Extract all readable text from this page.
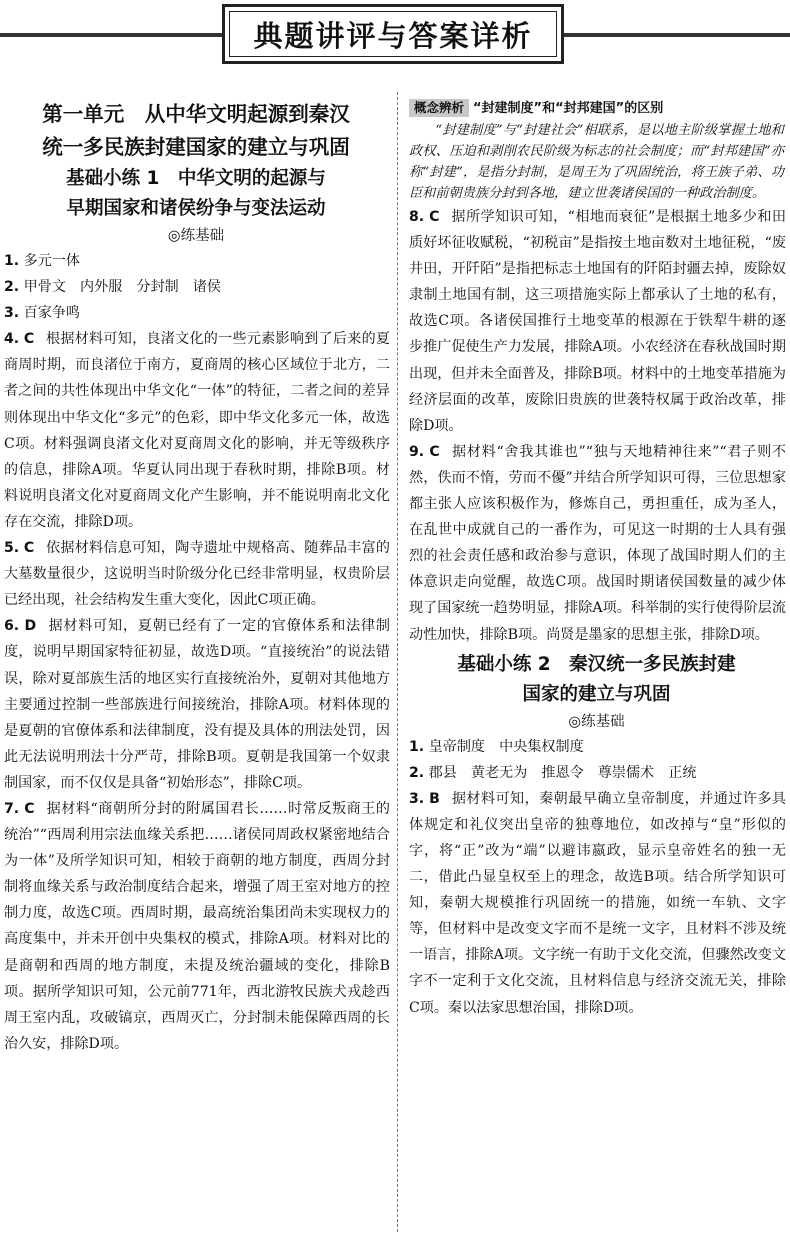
典题讲评与答案详析

第一单元　从中华文明起源到秦汉

统一多民族封建国家的建立与巩固

基础小练 1　中华文明的起源与

早期国家和诸侯纷争与变法运动

◎练基础

1. 多元一体

2. 甲骨文　内外服　分封制　诸侯

3. 百家争鸣

4. C  根据材料可知，良渚文化的一些元素影响到了后来的夏商周时期，而良渚位于南方，夏商周的核心区域位于北方，二者之间的共性体现出中华文化“一体”的特征，二者之间的差异则体现出中华文化“多元”的色彩，即中华文化多元一体，故选C项。材料强调良渚文化对夏商周文化的影响，并无等级秩序的信息，排除A项。华夏认同出现于春秋时期，排除B项。材料说明良渚文化对夏商周文化产生影响，并不能说明南北文化存在交流，排除D项。

5. C  依据材料信息可知，陶寺遗址中规格高、随葬品丰富的大墓数量很少，这说明当时阶级分化已经非常明显，权贵阶层已经出现，社会结构发生重大变化，因此C项正确。

6. D  据材料可知，夏朝已经有了一定的官僚体系和法律制度，说明早期国家特征初显，故选D项。“直接统治”的说法错误，除对夏部族生活的地区实行直接统治外，夏朝对其他地方主要通过控制一些部族进行间接统治，排除A项。材料体现的是夏朝的官僚体系和法律制度，没有提及具体的刑法处罚，因此无法说明刑法十分严苛，排除B项。夏朝是我国第一个奴隶制国家，而不仅仅是具备“初始形态”，排除C项。

7. C  据材料“商朝所分封的附属国君长……时常反叛商王的统治”“西周利用宗法血缘关系把……诸侯同周政权紧密地结合为一体”及所学知识可知，相较于商朝的地方制度，西周分封制将血缘关系与政治制度结合起来，增强了周王室对地方的控制力度，故选C项。西周时期，最高统治集团尚未实现权力的高度集中，并未开创中央集权的模式，排除A项。材料对比的是商朝和西周的地方制度，未提及统治疆域的变化，排除B项。据所学知识可知，公元前771年，西北游牧民族犬戎趁西周王室内乱，攻破镐京，西周灭亡，分封制未能保障西周的长治久安，排除D项。

概念辨析 “封建制度”和“封邦建国”的区别

“封建制度”与“封建社会”相联系，是以地主阶级掌握土地和政权、压迫和剥削农民阶级为标志的社会制度；而“封邦建国”亦称“封建”，是指分封制，是周王为了巩固统治，将王族子弟、功臣和前朝贵族分封到各地，建立世袭诸侯国的一种政治制度。

8. C  据所学知识可知，“相地而衰征”是根据土地多少和田质好坏征收赋税，“初税亩”是指按土地亩数对土地征税，“废井田，开阡陌”是指把标志土地国有的阡陌封疆去掉，废除奴隶制土地国有制，这三项措施实际上都承认了土地的私有，故选C项。各诸侯国推行土地变革的根源在于铁犁牛耕的逐步推广促使生产力发展，排除A项。小农经济在春秋战国时期出现，但并未全面普及，排除B项。材料中的土地变革措施为经济层面的改革，废除旧贵族的世袭特权属于政治改革，排除D项。

9. C  据材料“舍我其谁也”“独与天地精神往来”“君子则不然，佚而不惰，劳而不優”并结合所学知识可得，三位思想家都主张人应该积极作为，修炼自己，勇担重任，成为圣人，在乱世中成就自己的一番作为，可见这一时期的士人具有强烈的社会责任感和政治参与意识，体现了战国时期人们的主体意识走向觉醒，故选C项。战国时期诸侯国数量的减少体现了国家统一趋势明显，排除A项。科举制的实行使得阶层流动性加快，排除B项。尚贤是墨家的思想主张，排除D项。

基础小练 2　秦汉统一多民族封建

国家的建立与巩固

◎练基础

1. 皇帝制度　中央集权制度

2. 郡县　黄老无为　推恩令　尊崇儒术　正统

3. B  据材料可知，秦朝最早确立皇帝制度，并通过许多具体规定和礼仪突出皇帝的独尊地位，如改掉与“皇”形似的字，将“正”改为“端”以避讳嬴政，显示皇帝姓名的独一无二，借此凸显皇权至上的理念，故选B项。结合所学知识可知，秦朝大规模推行巩固统一的措施，如统一车轨、文字等，但材料中是改变文字而不是统一文字，且材料不涉及统一语言，排除A项。文字统一有助于文化交流，但骤然改变文字不一定利于文化交流，且材料信息与经济交流无关，排除C项。秦以法家思想治国，排除D项。
